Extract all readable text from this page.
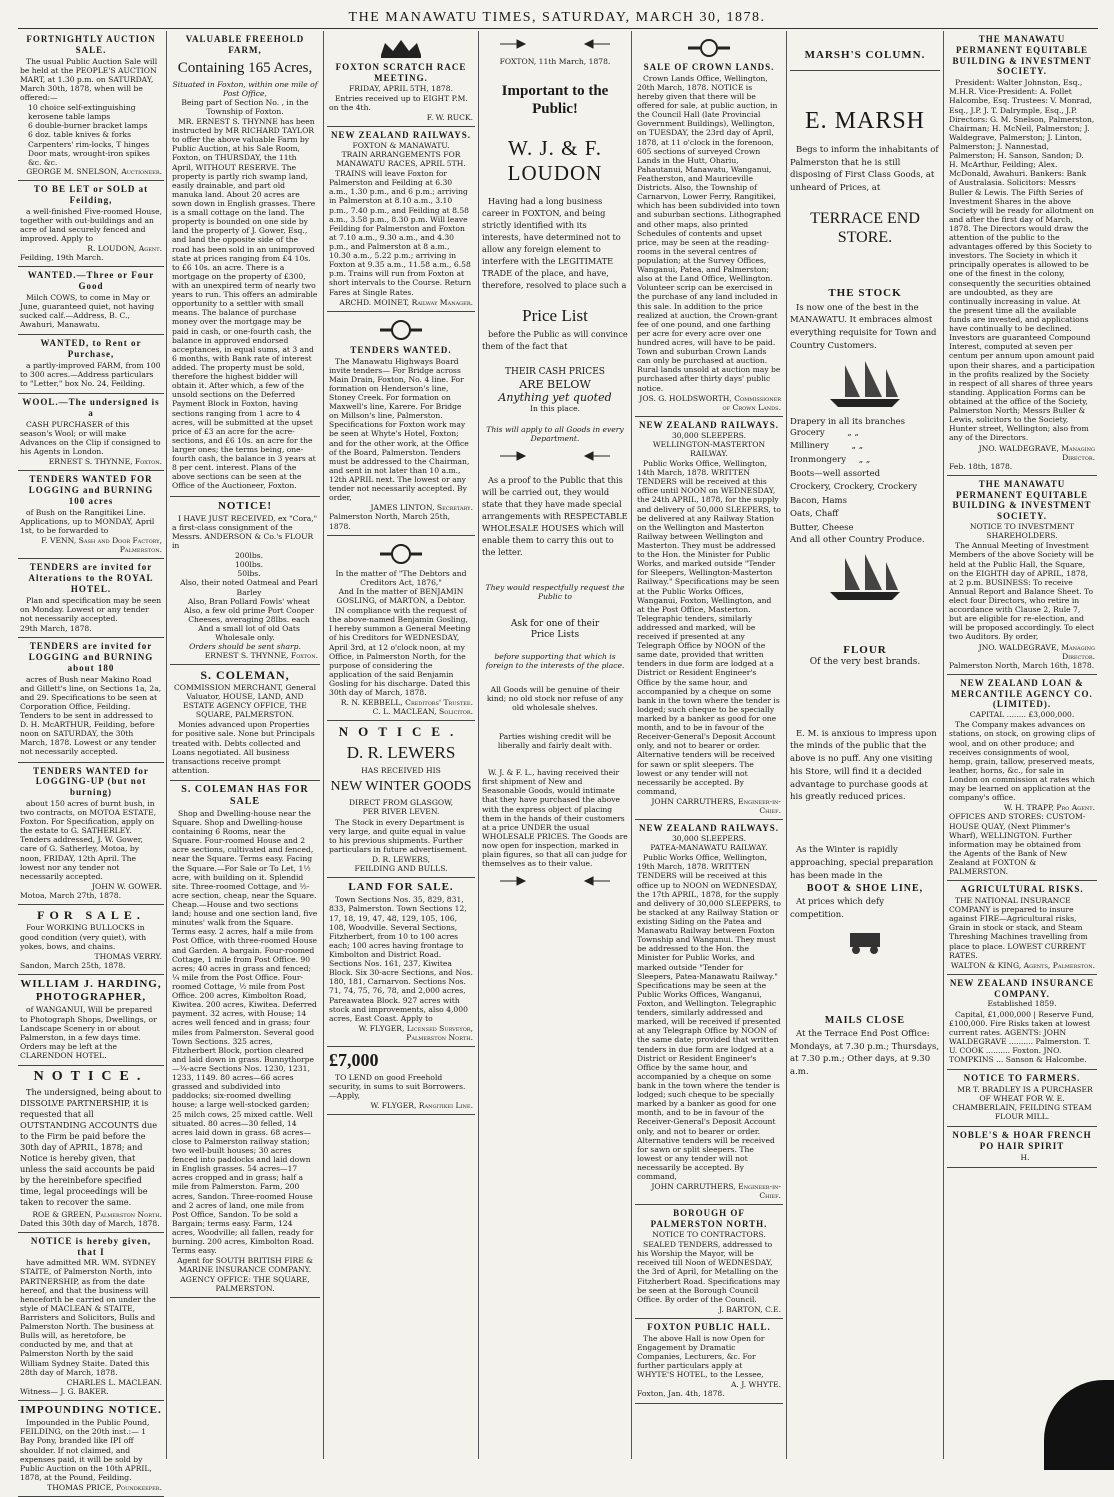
THE MANAWATU TIMES, SATURDAY, MARCH 30, 1878.
FORTNIGHTLY AUCTION SALE.

The usual Public Auction Sale will be held at the PEOPLE'S AUCTION MART, at 1.30 p.m. on SATURDAY, March 30th, 1878, when will be offered:—

10 choice self-extinguishing kerosene table lamps
6 double-burner bracket lamps
6 doz. table knives & forks
Carpenters' rim-locks, T hinges
Door mats, wrought-iron spikes &c. &c.
GEORGE M. SNELSON, Auctioneer.
TO BE LET or SOLD at Feilding,

a well-finished Five-roomed House, together with out-buildings and an acre of land securely fenced and improved. Apply to

R. LOUDON, Agent.
Feilding, 19th March.
WANTED.—Three or Four Good

Milch COWS, to come in May or June, guaranteed quiet, not having sucked calf.—Address, B. C., Awahuri, Manawatu.

WANTED, to Rent or Purchase,

a partly-improved FARM, from 100 to 300 acres.—Address particulars to "Letter," box No. 24, Feilding.

WOOL.—The undersigned is a

CASH PURCHASER of this season's Wool; or will make Advances on the Clip if consigned to his Agents in London.

ERNEST S. THYNNE, Foxton.
TENDERS WANTED FOR LOGGING and BURNING 100 acres

of Bush on the Rangitikei Line. Applications, up to MONDAY, April 1st, to be forwarded to

F. VENN, Sash and Door Factory, Palmerston.
TENDERS are invited for Alterations to the ROYAL HOTEL.

Plan and specification may be seen on Monday. Lowest or any tender not necessarily accepted.

29th March, 1878.
TENDERS are invited for LOGGING and BURNING about 180

acres of Bush near Makino Road and Gillett's line, on Sections 1a, 2a, and 29. Specifications to be seen at Corporation Office, Feilding. Tenders to be sent in addressed to D. H. McARTHUR, Feilding, before noon on SATURDAY, the 30th March, 1878. Lowest or any tender not necessarily accepted.

TENDERS WANTED for LOGGING-UP (but not burning)

about 150 acres of burnt bush, in two contracts, on MOTOA ESTATE, Foxton. For Specification, apply on the estate to G. SATHERLEY. Tenders addressed, J. W. Gower, care of G. Satherley, Motoa, by noon, FRIDAY, 12th April. The lowest nor any tender not necessarily accepted.

JOHN W. GOWER.
Motoa, March 27th, 1878.
FOR SALE.

Four WORKING BULLOCKS in good condition (very quiet), with yokes, bows, and chains.

THOMAS VERRY.
Sandon, March 25th, 1878.
WILLIAM J. HARDING, PHOTOGRAPHER,

of WANGANUI, Will be prepared to Photograph Shops, Dwellings, or Landscape Scenery in or about Palmerston, in a few days time. Orders may be left at the CLARENDON HOTEL.

NOTICE.

The undersigned, being about to DISSOLVE PARTNERSHIP, it is requested that all OUTSTANDING ACCOUNTS due to the Firm be paid before the 30th day of APRIL, 1878; and Notice is hereby given, that unless the said accounts be paid by the hereinbefore specified time, legal proceedings will be taken to recover the same.

ROE & GREEN, Palmerston North.
Dated this 30th day of March, 1878.
NOTICE is hereby given, that I

have admitted MR. WM. SYDNEY STAITE, of Palmerston North, into PARTNERSHIP, as from the date hereof, and that the business will henceforth be carried on under the style of MACLEAN & STAITE, Barristers and Solicitors, Bulls and Palmerston North. The business at Bulls will, as heretofore, be conducted by me, and that at Palmerston North by the said William Sydney Staite. Dated this 28th day of March, 1878.

CHARLES L. MACLEAN.
Witness— J. G. BAKER.
IMPOUNDING NOTICE.

Impounded in the Public Pound, FEILDING, on the 20th inst.:— 1 Bay Pony, branded like IPI off shoulder. If not claimed, and expenses paid, it will be sold by Public Auction on the 10th APRIL, 1878, at the Pound, Feilding.

THOMAS PRICE, Poundkeeper.
VALUABLE FREEHOLD FARM,
Containing 165 Acres,
Situated in Foxton, within one mile of Post Office,
Being part of Section No. , in the Township of Foxton.

MR. ERNEST S. THYNNE has been instructed by MR RICHARD TAYLOR to offer the above valuable Farm by Public Auction, at his Sale Room, Foxton, on THURSDAY, the 11th April, WITHOUT RESERVE. The property is partly rich swamp land, easily drainable, and part old manuka land. About 20 acres are sown down in English grasses. There is a small cottage on the land. The property is bounded on one side by land the property of J. Gower, Esq., and land the opposite side of the road has been sold in an unimproved state at prices ranging from £4 10s. to £6 10s. an acre. There is a mortgage on the property of £300, with an unexpired term of nearly two years to run. This offers an admirable opportunity to a settler with small means. The balance of purchase money over the mortgage may be paid in cash, or one-fourth cash, the balance in approved endorsed acceptances, in equal sums, at 3 and 6 months, with Bank rate of interest added. The property must be sold, therefore the highest bidder will obtain it. After which, a few of the unsold sections on the Deferred Payment Block in Foxton, having sections ranging from 1 acre to 4 acres, will be submitted at the upset price of £3 an acre for the acre-sections, and £6 10s. an acre for the larger ones; the terms being, one-fourth cash, the balance in 3 years at 8 per cent. interest. Plans of the above sections can be seen at the Office of the Auctioneer, Foxton.

NOTICE!

I HAVE JUST RECEIVED, ex "Cora," a first-class consignment of the Messrs. ANDERSON & Co.'s FLOUR in

200lbs.
100lbs.
50lbs.
Also, their noted Oatmeal and Pearl Barley
Also, Bran Pollard Fowls' wheat
Also, a few old prime Port Cooper Cheeses, averaging 28lbs. each
And a small lot of old Oats
Wholesale only.
Orders should be sent sharp.
ERNEST S. THYNNE, Foxton.
S. COLEMAN,
COMMISSION MERCHANT, General Valuator, HOUSE, LAND, AND ESTATE AGENCY OFFICE, THE SQUARE, PALMERSTON.

Monies advanced upon Properties for positive sale. None but Principals treated with. Debts collected and Loans negotiated. All business transactions receive prompt attention.

S. COLEMAN HAS FOR SALE

Shop and Dwelling-house near the Square. Shop and Dwelling-house containing 6 Rooms, near the Square. Four-roomed House and 2 acre sections, cultivated and fenced, near the Square. Terms easy. Facing the Square.—For Sale or To Let, 1½ acre, with building on it. Splendid site. Three-roomed Cottage, and ½-acre section, cheap, near the Square. Cheap.—House and two sections land; house and one section land, five minutes' walk from the Square. Terms easy. 2 acres, half a mile from Post Office, with three-roomed House and Garden. A bargain. Four-roomed Cottage, 1 mile from Post Office. 90 acres; 40 acres in grass and fenced; ¼ mile from the Post Office. Four-roomed Cottage, ½ mile from Post Office. 200 acres, Kimbolton Road, Kiwitea. 200 acres, Kiwitea. Deferred payment. 32 acres, with House; 14 acres well fenced and in grass; four miles from Palmerston. Several good Town Sections. 325 acres, Fitzherbert Block, portion cleared and laid down in grass. Bunnythorpe—¼-acre Sections Nos. 1230, 1231, 1233, 1149. 80 acres—66 acres grassed and subdivided into paddocks; six-roomed dwelling house; a large well-stocked garden; 25 milch cows, 25 mixed cattle. Well situated. 80 acres—30 felled, 14 acres laid down in grass. 68 acres—close to Palmerston railway station; two well-built houses; 30 acres fenced into paddocks and laid down in English grasses. 54 acres—17 acres cropped and in grass; half a mile from Palmerston. Farm, 200 acres, Sandon. Three-roomed House and 2 acres of land, one mile from Post Office, Sandon. To be sold a Bargain; terms easy. Farm, 124 acres, Woodville; all fallen, ready for burning. 200 acres, Kimbolton Road. Terms easy.

Agent for SOUTH BRITISH FIRE & MARINE INSURANCE COMPANY.
AGENCY OFFICE: THE SQUARE, PALMERSTON.
FOXTON SCRATCH RACE MEETING.
FRIDAY, APRIL 5TH, 1878.

Entries received up to EIGHT P.M. on the 4th.

F. W. RUCK.
NEW ZEALAND RAILWAYS.
FOXTON & MANAWATU.
TRAIN ARRANGEMENTS FOR MANAWATU RACES, APRIL 5TH.

TRAINS will leave Foxton for Palmerston and Feilding at 6.30 a.m., 1.30 p.m., and 6 p.m.; arriving in Palmerston at 8.10 a.m., 3.10 p.m., 7.40 p.m., and Feilding at 8.58 a.m., 3.58 p.m., 8.30 p.m. Will leave Feilding for Palmerston and Foxton at 7.10 a.m., 9.30 a.m., and 4.30 p.m., and Palmerston at 8 a.m., 10.30 a.m., 5.22 p.m.; arriving in Foxton at 9.35 a.m., 11.58 a.m., 6.58 p.m. Trains will run from Foxton at short intervals to the Course. Return Fares at Single Rates.

ARCHD. MOINET, Railway Manager.
TENDERS WANTED.

The Manawatu Highways Board invite tenders— For Bridge across Main Drain, Foxton, No. 4 line. For formation on Henderson's line, Stoney Creek. For formation on Maxwell's line, Karere. For Bridge on Millson's line, Palmerston. Specifications for Foxton work may be seen at Whyte's Hotel, Foxton; and for the other work, at the Office of the Board, Palmerston. Tenders must be addressed to the Chairman, and sent in not later than 10 a.m., 12th APRIL next. The lowest or any tender not necessarily accepted. By order,

JAMES LINTON, Secretary.
Palmerston North, March 25th, 1878.
In the matter of "The Debtors and Creditors Act, 1876,"
And In the matter of BENJAMIN GOSLING, of MARTON, a Debtor.

IN compliance with the request of the above-named Benjamin Gosling, I hereby summon a General Meeting of his Creditors for WEDNESDAY, April 3rd, at 12 o'clock noon, at my Office, in Palmerston North, for the purpose of considering the application of the said Benjamin Gosling for his discharge. Dated this 30th day of March, 1878.

R. N. KEBBELL, Creditors' Trustee.
C. L. MACLEAN, Solicitor.
NOTICE.
D. R. LEWERS
HAS RECEIVED HIS
NEW WINTER GOODS
DIRECT FROM GLASGOW,
PER RIVER LEVEN.

The Stock in every Department is very large, and quite equal in value to his previous shipments. Further particulars in future advertisement.

D. R. LEWERS,
FEILDING AND BULLS.
LAND FOR SALE.

Town Sections Nos. 35, 829, 831, 833, Palmerston. Town Sections 12, 17, 18, 19, 47, 48, 129, 105, 106, 108, Woodville. Several Sections, Fitzherbert, from 10 to 100 acres each; 100 acres having frontage to Kimbolton and District Road. Sections Nos. 161, 237, Kiwitea Block. Six 30-acre Sections, and Nos. 180, 181, Carnarvon. Sections Nos. 71, 74, 75, 76, 78, and 2,000 acres, Pareawatea Block. 927 acres with stock and improvements, also 4,000 acres, East Coast. Apply to

W. FLYGER, Licensed Surveyor, Palmerston North.
£7,000

TO LEND on good Freehold security, in sums to suit Borrowers.—Apply,

W. FLYGER, Rangitikei Line.
FOXTON, 11th March, 1878.
Important to the Public!
W. J. & F. LOUDON

Having had a long business career in FOXTON, and being strictly identified with its interests, have determined not to allow any foreign element to interfere with the LEGITIMATE TRADE of the place, and have, therefore, resolved to place such a

Price List

before the Public as will convince them of the fact that

THEIR CASH PRICES
ARE BELOW
Anything yet quoted
In this place.
This will apply to all Goods in every Department.

As a proof to the Public that this will be carried out, they would state that they have made special arrangements with RESPECTABLE WHOLESALE HOUSES which will enable them to carry this out to the letter.

They would respectfully request the Public to
Ask for one of their
Price Lists
before supporting that which is foreign to the interests of the place.
All Goods will be genuine of their kind; no old stock nor refuse of any old wholesale shelves.
Parties wishing credit will be liberally and fairly dealt with.

W. J. & F. L., having received their first shipment of New and Seasonable Goods, would intimate that they have purchased the above with the express object of placing them in the hands of their customers at a price UNDER the usual WHOLESALE PRICES. The Goods are now open for inspection, marked in plain figures, so that all can judge for themselves as to their value.

SALE OF CROWN LANDS.

Crown Lands Office, Wellington, 20th March, 1878. NOTICE is hereby given that there will be offered for sale, at public auction, in the Council Hall (late Provincial Government Buildings), Wellington, on TUESDAY, the 23rd day of April, 1878, at 11 o'clock in the forenoon, 605 sections of surveyed Crown Lands in the Hutt, Ohariu, Pahautanui, Manawatu, Wanganui, Featherston, and Mauriceville Districts. Also, the Township of Carnarvon, Lower Ferry, Rangitikei, which has been subdivided into town and suburban sections. Lithographed and other maps, also printed Schedules of contents and upset price, may be seen at the reading-rooms in the several centres of population; at the Survey Offices, Wanganui, Patea, and Palmerston; also at the Land Office, Wellington. Volunteer scrip can be exercised in the purchase of any land included in this sale. In addition to the price realized at auction, the Crown-grant fee of one pound, and one farthing per acre for every acre over one hundred acres, will have to be paid. Town and suburban Crown Lands can only be purchased at auction. Rural lands unsold at auction may be purchased after thirty days' public notice.

JOS. G. HOLDSWORTH, Commissioner of Crown Lands.
NEW ZEALAND RAILWAYS.
30,000 SLEEPERS.
WELLINGTON-MASTERTON RAILWAY.

Public Works Office, Wellington, 14th March, 1878. WRITTEN TENDERS will be received at this office until NOON on WEDNESDAY, the 24th APRIL, 1878, for the supply and delivery of 50,000 SLEEPERS, to be delivered at any Railway Station on the Wellington and Masterton Railway between Wellington and Masterton. They must be addressed to the Hon. the Minister for Public Works, and marked outside "Tender for Sleepers, Wellington-Masterton Railway." Specifications may be seen at the Public Works Offices, Wanganui, Foxton, Wellington, and at the Post Office, Masterton. Telegraphic tenders, similarly addressed and marked, will be received if presented at any Telegraph Office by NOON of the same date, provided that written tenders in due form are lodged at a District or Resident Engineer's Office by the same hour, and accompanied by a cheque on some bank in the town where the tender is lodged; such cheque to be specially marked by a banker as good for one month, and to be in favour of the Receiver-General's Deposit Account only, and not to bearer or order. Alternative tenders will be received for sawn or split sleepers. The lowest or any tender will not necessarily be accepted. By command,

JOHN CARRUTHERS, Engineer-in-Chief.
NEW ZEALAND RAILWAYS.
30,000 SLEEPERS.
PATEA-MANAWATU RAILWAY.

Public Works Office, Wellington, 19th March, 1878. WRITTEN TENDERS will be received at this office up to NOON on WEDNESDAY, the 17th APRIL, 1878, for the supply and delivery of 30,000 SLEEPERS, to be stacked at any Railway Station or existing Siding on the Patea and Manawatu Railway between Foxton Township and Wanganui. They must be addressed to the Hon. the Minister for Public Works, and marked outside "Tender for Sleepers, Patea-Manawatu Railway." Specifications may be seen at the Public Works Offices, Wanganui, Foxton, and Wellington. Telegraphic tenders, similarly addressed and marked, will be received if presented at any Telegraph Office by NOON of the same date; provided that written tenders in due form are lodged at a District or Resident Engineer's Office by the same hour, and accompanied by a cheque on some bank in the town where the tender is lodged; such cheque to be specially marked by a banker as good for one month, and to be in favour of the Receiver-General's Deposit Account only, and not to bearer or order. Alternative tenders will be received for sawn or split sleepers. The lowest or any tender will not necessarily be accepted. By command,

JOHN CARRUTHERS, Engineer-in-Chief.
BOROUGH OF PALMERSTON NORTH.
NOTICE TO CONTRACTORS.

SEALED TENDERS, addressed to his Worship the Mayor, will be received till Noon of WEDNESDAY, the 3rd of April, for Metalling on the Fitzherbert Road. Specifications may be seen at the Borough Council Office. By order of the Council.

J. BARTON, C.E.
FOXTON PUBLIC HALL.

The above Hall is now Open for Engagement by Dramatic Companies, Lecturers, &c. For further particulars apply at WHYTE'S HOTEL, to the Lessee,

A. J. WHYTE.
Foxton, Jan. 4th, 1878.
MARSH'S COLUMN.
E. MARSH

Begs to inform the inhabitants of Palmerston that he is still disposing of First Class Goods, at unheard of Prices, at

TERRACE END STORE.
THE STOCK

Is now one of the best in the MANAWATU. It embraces almost everything requisite for Town and Country Customers.

Drapery in all its branches
Grocery	„ „
Millinery	„ „
Ironmongery „ „
Boots—well assorted
Crockery, Crockery, Crockery
Bacon, Hams
Oats, Chaff
Butter, Cheese
And all other Country Produce.
FLOUR
Of the very best brands.

E. M. is anxious to impress upon the minds of the public that the above is no puff. Any one visiting his Store, will find it a decided advantage to purchase goods at his greatly reduced prices.

As the Winter is rapidly approaching, special preparation has been made in the

BOOT & SHOE LINE,

At prices which defy competition.

MAILS CLOSE

At the Terrace End Post Office: Mondays, at 7.30 p.m.; Thursdays, at 7.30 p.m.; Other days, at 9.30 a.m.

THE MANAWATU PERMANENT EQUITABLE BUILDING & INVESTMENT SOCIETY.

President: Walter Johnston, Esq., M.H.R. Vice-President: A. Follet Halcombe, Esq. Trustees: V. Monrad, Esq., J.P. J. T. Dalrymple, Esq., J.P. Directors: G. M. Snelson, Palmerston, Chairman; H. McNeil, Palmerston; J. Waldegrave, Palmerston; J. Linton, Palmerston; J. Nannestad, Palmerston; H. Sanson, Sandon; D. H. McArthur, Feilding; Alex. McDonald, Awahuri. Bankers: Bank of Australasia. Solicitors: Messrs Buller & Lewis. The Fifth Series of Investment Shares in the above Society will be ready for allotment on and after the first day of March, 1878. The Directors would draw the attention of the public to the advantages offered by this Society to investors. The Society in which it principally operates is allowed to be one of the finest in the colony, consequently the securities obtained are undoubted, as they are continually increasing in value. At the present time all the available funds are invested, and applications have continually to be declined. Investors are guaranteed Compound Interest, computed at seven per centum per annum upon amount paid upon their shares, and a participation in the profits realized by the Society in respect of all shares of three years standing. Application Forms can be obtained at the office of the Society, Palmerston North; Messrs Buller & Lewis, solicitors to the Society, Hunter street, Wellington; also from any of the Directors.

JNO. WALDEGRAVE, Managing Director.
Feb. 18th, 1878.
THE MANAWATU PERMANENT EQUITABLE BUILDING & INVESTMENT SOCIETY.
NOTICE TO INVESTMENT SHAREHOLDERS.

The Annual Meeting of Investment Members of the above Society will be held at the Public Hall, the Square, on the EIGHTH day of APRIL, 1878, at 2 p.m. BUSINESS: To receive Annual Report and Balance Sheet. To elect four Directors, who retire in accordance with Clause 2, Rule 7, but are eligible for re-election, and will be proposed accordingly. To elect two Auditors. By order,

JNO. WALDEGRAVE, Managing Director.
Palmerston North, March 16th, 1878.
NEW ZEALAND LOAN & MERCANTILE AGENCY CO. (LIMITED).
CAPITAL ........ £3,000,000.

The Company makes advances on stations, on stock, on growing clips of wool, and on other produce; and receives consignments of wool, hemp, grain, tallow, preserved meats, leather, horns, &c., for sale in London on commission at rates which may be learned on application at the company's office.

W. H. TRAPP, Pro Agent.
OFFICES AND STORES: CUSTOM-HOUSE QUAY, (Next Plimmer's Wharf), WELLINGTON. Further information may be obtained from the Agents of the Bank of New Zealand at FOXTON & PALMERSTON.
AGRICULTURAL RISKS.

THE NATIONAL INSURANCE COMPANY is prepared to insure against FIRE—Agricultural risks, Grain in stock or stack, and Steam Threshing Machines travelling from place to place. LOWEST CURRENT RATES.

WALTON & KING, Agents, Palmerston.
NEW ZEALAND INSURANCE COMPANY.
Established 1859.

Capital, £1,000,000 | Reserve Fund, £100,000. Fire Risks taken at lowest current rates. AGENTS: JOHN WALDEGRAVE .......... Palmerston. T. U. COOK .......... Foxton. JNO. TOMPKINS ... Sanson & Halcombe.

NOTICE TO FARMERS.

MR T. BRADLEY IS A PURCHASER OF WHEAT FOR W. E. CHAMBERLAIN, FEILDING STEAM FLOUR MILL.

NOBLE'S & HOAR FRENCH PO HAIR SPIRIT

H.
